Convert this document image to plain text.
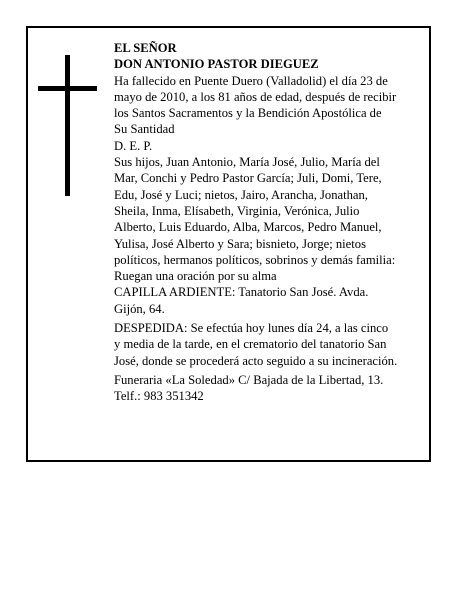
EL SEÑOR
DON ANTONIO PASTOR DIEGUEZ
Ha fallecido en Puente Duero (Valladolid) el día 23 de
mayo de 2010, a los 81 años de edad, después de recibir
los Santos Sacramentos y la Bendición Apostólica de
Su Santidad
D. E. P.
Sus hijos, Juan Antonio, María José, Julio, María del
Mar, Conchi y Pedro Pastor García; Juli, Domi, Tere,
Edu, José y Luci; nietos, Jairo, Arancha, Jonathan,
Sheila, Inma, Elísabeth, Virginia, Verónica, Julio
Alberto, Luis Eduardo, Alba, Marcos, Pedro Manuel,
Yulisa, José Alberto y Sara; bisnieto, Jorge; nietos
políticos, hermanos políticos, sobrinos y demás familia:
Ruegan una oración por su alma
CAPILLA ARDIENTE: Tanatorio San José. Avda.
Gijón, 64.
DESPEDIDA: Se efectúa hoy lunes día 24, a las cinco
y media de la tarde, en el crematorio del tanatorio San
José, donde se procederá acto seguido a su incineración.
Funeraria «La Soledad» C/ Bajada de la Libertad, 13.
Telf.: 983 351342
